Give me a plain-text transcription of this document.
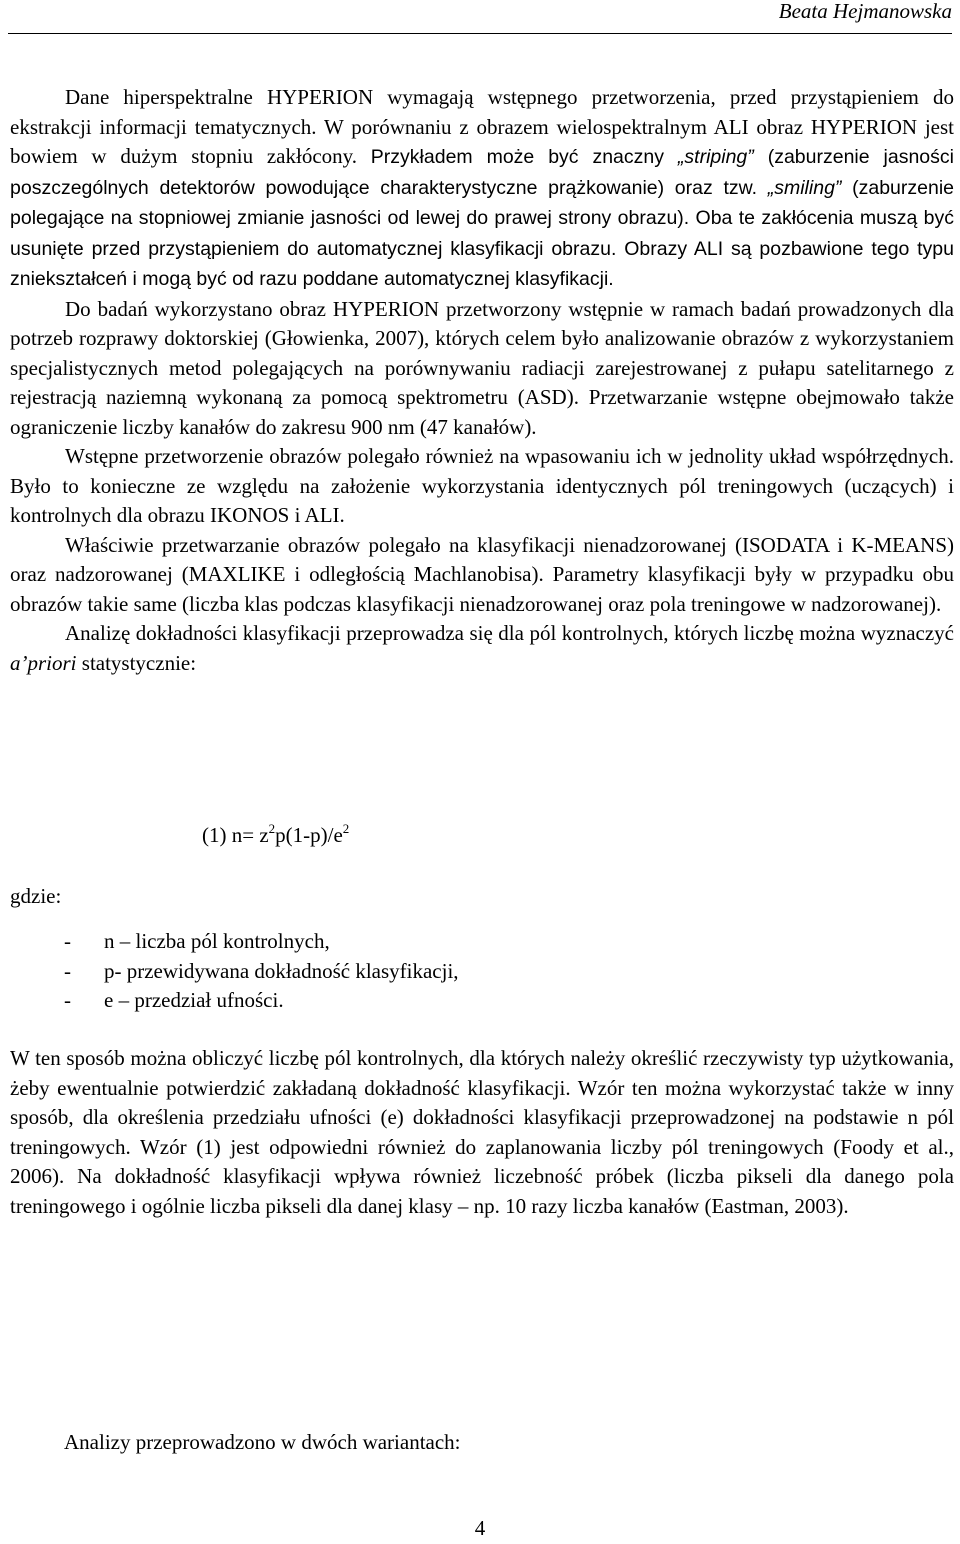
Beata Hejmanowska

Dane hiperspektralne HYPERION wymagają wstępnego przetworzenia, przed przystąpieniem do ekstrakcji informacji tematycznych. W porównaniu z obrazem wielospektralnym ALI obraz HYPERION jest bowiem w dużym stopniu zakłócony. Przykładem może być znaczny „striping” (zaburzenie jasności poszczególnych detektorów powodujące charakterystyczne prążkowanie) oraz tzw. „smiling” (zaburzenie polegające na stopniowej zmianie jasności od lewej do prawej strony obrazu). Oba te zakłócenia muszą być usunięte przed przystąpieniem do automatycznej klasyfikacji obrazu. Obrazy ALI są pozbawione tego typu zniekształceń i mogą być od razu poddane automatycznej klasyfikacji.

Do badań wykorzystano obraz HYPERION przetworzony wstępnie w ramach badań prowadzonych dla potrzeb rozprawy doktorskiej (Głowienka, 2007), których celem było analizowanie obrazów z wykorzystaniem specjalistycznych metod polegających na porównywaniu radiacji zarejestrowanej z pułapu satelitarnego z rejestracją naziemną wykonaną za pomocą spektrometru (ASD). Przetwarzanie wstępne obejmowało także ograniczenie liczby kanałów do zakresu 900 nm (47 kanałów).

Wstępne przetworzenie obrazów polegało również na wpasowaniu ich w jednolity układ współrzędnych. Było to konieczne ze względu na założenie wykorzystania identycznych pól treningowych (uczących) i kontrolnych dla obrazu IKONOS i ALI.

Właściwie przetwarzanie obrazów polegało na klasyfikacji nienadzorowanej (ISODATA i K-MEANS) oraz nadzorowanej (MAXLIKE i odległością Machlanobisa). Parametry klasyfikacji były w przypadku obu obrazów takie same (liczba klas podczas klasyfikacji nienadzorowanej oraz pola treningowe w nadzorowanej).

Analizę dokładności klasyfikacji przeprowadza się dla pól kontrolnych, których liczbę można wyznaczyć a’priori statystycznie:

(1) $n= z^2p(1-p)/e^2$
gdzie:
- n – liczba pól kontrolnych,
- p- przewidywana dokładność klasyfikacji,
- e – przedział ufności.

W ten sposób można obliczyć liczbę pól kontrolnych, dla których należy określić rzeczywisty typ użytkowania, żeby ewentualnie potwierdzić zakładaną dokładność klasyfikacji. Wzór ten można wykorzystać także w inny sposób, dla określenia przedziału ufności (e) dokładności klasyfikacji przeprowadzonej na podstawie n pól treningowych. Wzór (1) jest odpowiedni również do zaplanowania liczby pól treningowych (Foody et al., 2006). Na dokładność klasyfikacji wpływa również liczebność próbek (liczba pikseli dla danego pola treningowego i ogólnie liczba pikseli dla danej klasy – np. 10 razy liczba kanałów (Eastman, 2003).

Analizy przeprowadzono w dwóch wariantach:
4
